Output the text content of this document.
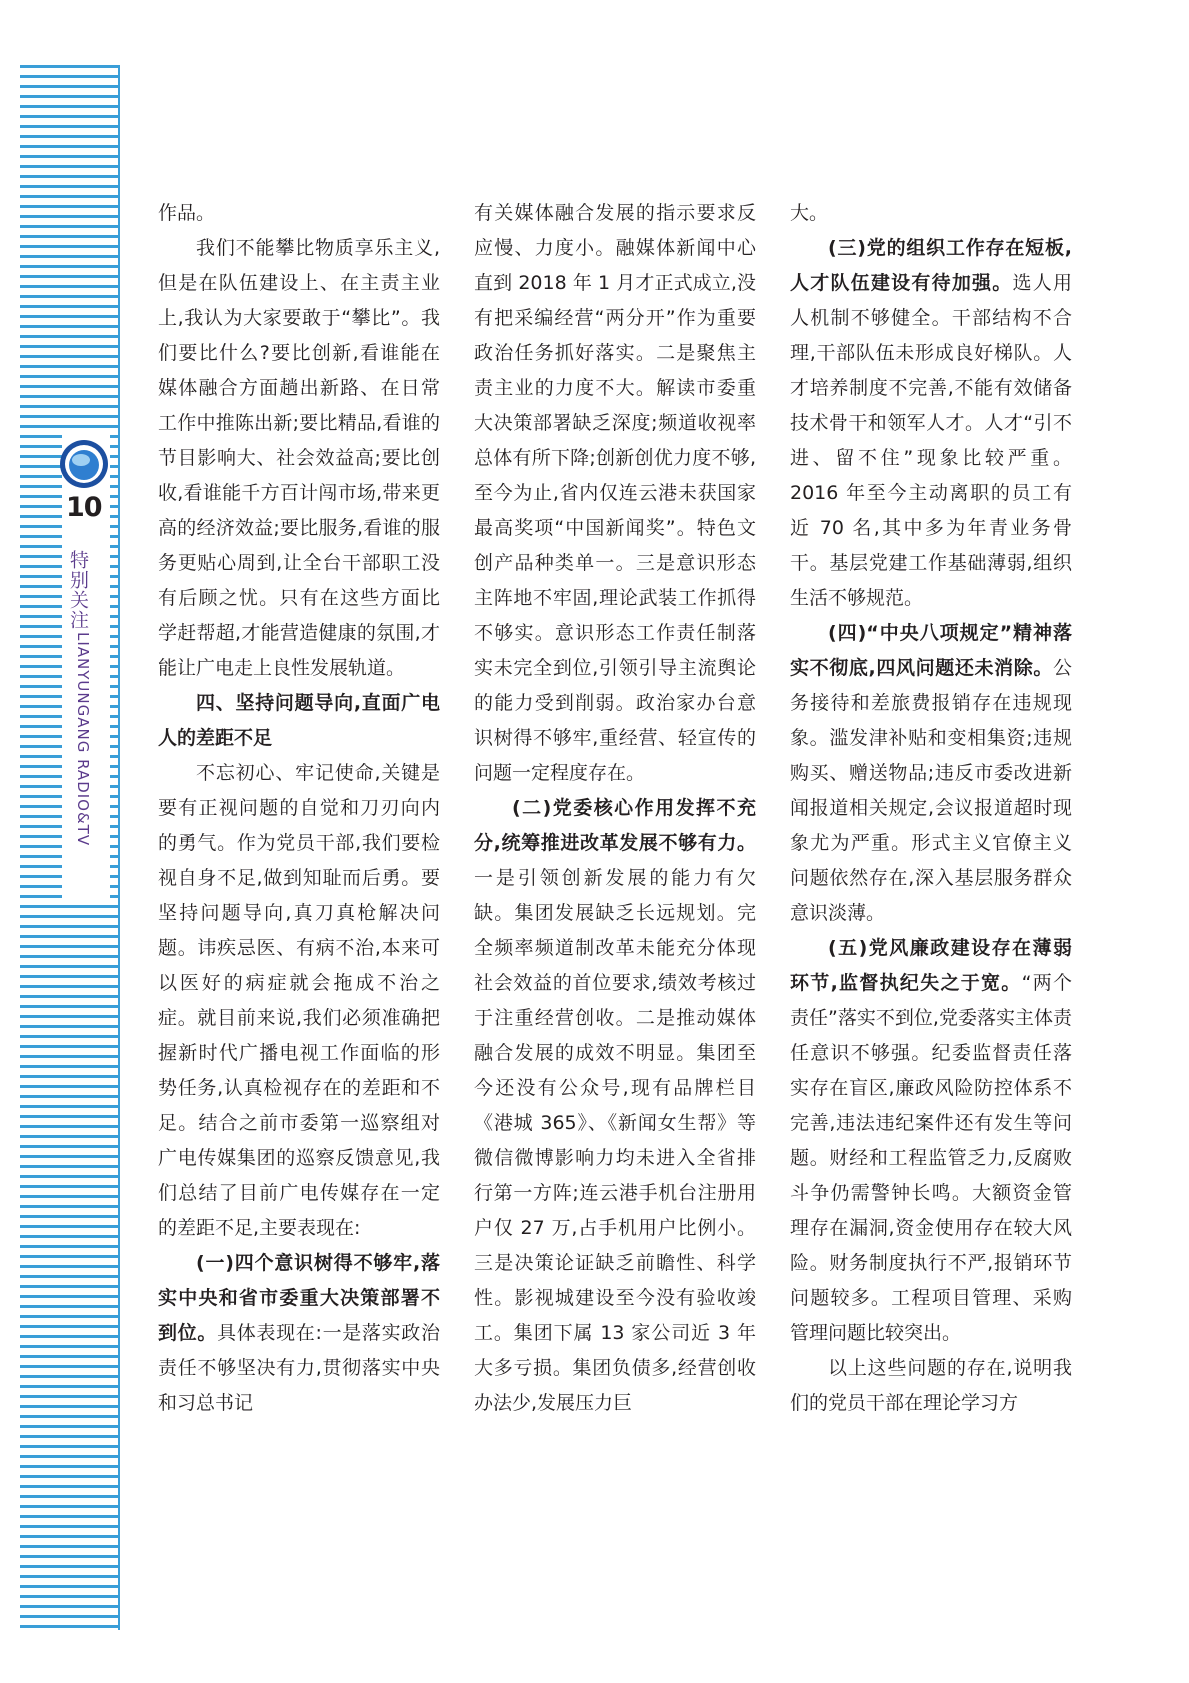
10
特别关注
LIANYUNGANG RADIO&TV

作品。

我们不能攀比物质享乐主义,但是在队伍建设上、在主责主业上,我认为大家要敢于“攀比”。我们要比什么?要比创新,看谁能在媒体融合方面趟出新路、在日常工作中推陈出新;要比精品,看谁的节目影响大、社会效益高;要比创收,看谁能千方百计闯市场,带来更高的经济效益;要比服务,看谁的服务更贴心周到,让全台干部职工没有后顾之忧。只有在这些方面比学赶帮超,才能营造健康的氛围,才能让广电走上良性发展轨道。

四、坚持问题导向,直面广电人的差距不足

不忘初心、牢记使命,关键是要有正视问题的自觉和刀刃向内的勇气。作为党员干部,我们要检视自身不足,做到知耻而后勇。要坚持问题导向,真刀真枪解决问题。讳疾忌医、有病不治,本来可以医好的病症就会拖成不治之症。就目前来说,我们必须准确把握新时代广播电视工作面临的形势任务,认真检视存在的差距和不足。结合之前市委第一巡察组对广电传媒集团的巡察反馈意见,我们总结了目前广电传媒存在一定的差距不足,主要表现在:

(一)四个意识树得不够牢,落实中央和省市委重大决策部署不到位。具体表现在:一是落实政治责任不够坚决有力,贯彻落实中央和习总书记

有关媒体融合发展的指示要求反应慢、力度小。融媒体新闻中心直到 2018 年 1 月才正式成立,没有把采编经营“两分开”作为重要政治任务抓好落实。二是聚焦主责主业的力度不大。解读市委重大决策部署缺乏深度;频道收视率总体有所下降;创新创优力度不够,至今为止,省内仅连云港未获国家最高奖项“中国新闻奖”。特色文创产品种类单一。三是意识形态主阵地不牢固,理论武装工作抓得不够实。意识形态工作责任制落实未完全到位,引领引导主流舆论的能力受到削弱。政治家办台意识树得不够牢,重经营、轻宣传的问题一定程度存在。

(二)党委核心作用发挥不充分,统筹推进改革发展不够有力。一是引领创新发展的能力有欠缺。集团发展缺乏长远规划。完全频率频道制改革未能充分体现社会效益的首位要求,绩效考核过于注重经营创收。二是推动媒体融合发展的成效不明显。集团至今还没有公众号,现有品牌栏目《港城 365》、《新闻女生帮》等微信微博影响力均未进入全省排行第一方阵;连云港手机台注册用户仅 27 万,占手机用户比例小。三是决策论证缺乏前瞻性、科学性。影视城建设至今没有验收竣工。集团下属 13 家公司近 3 年大多亏损。集团负债多,经营创收办法少,发展压力巨

大。

(三)党的组织工作存在短板,人才队伍建设有待加强。选人用人机制不够健全。干部结构不合理,干部队伍未形成良好梯队。人才培养制度不完善,不能有效储备技术骨干和领军人才。人才“引不进、留不住”现象比较严重。2016 年至今主动离职的员工有近 70 名,其中多为年青业务骨干。基层党建工作基础薄弱,组织生活不够规范。

(四)“中央八项规定”精神落实不彻底,四风问题还未消除。公务接待和差旅费报销存在违规现象。滥发津补贴和变相集资;违规购买、赠送物品;违反市委改进新闻报道相关规定,会议报道超时现象尤为严重。形式主义官僚主义问题依然存在,深入基层服务群众意识淡薄。

(五)党风廉政建设存在薄弱环节,监督执纪失之于宽。“两个责任”落实不到位,党委落实主体责任意识不够强。纪委监督责任落实存在盲区,廉政风险防控体系不完善,违法违纪案件还有发生等问题。财经和工程监管乏力,反腐败斗争仍需警钟长鸣。大额资金管理存在漏洞,资金使用存在较大风险。财务制度执行不严,报销环节问题较多。工程项目管理、采购管理问题比较突出。

以上这些问题的存在,说明我们的党员干部在理论学习方
